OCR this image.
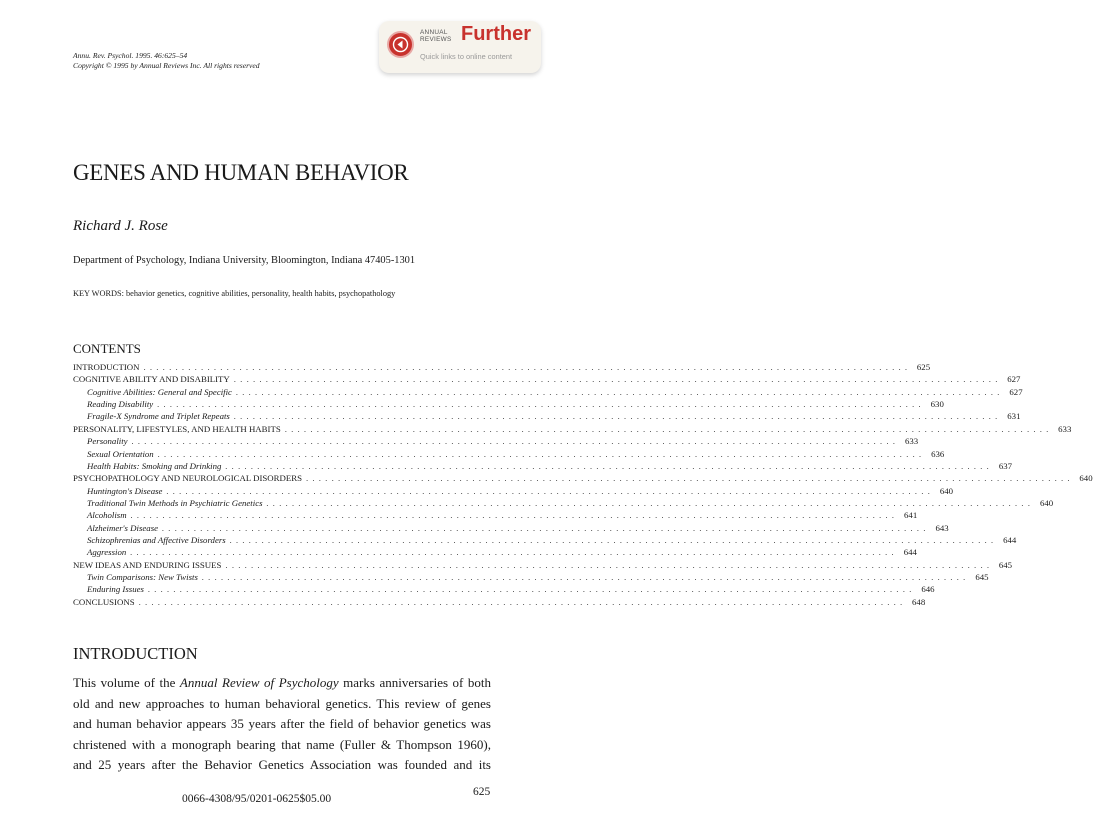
Annu. Rev. Psychol. 1995. 46:625–54
Copyright © 1995 by Annual Reviews Inc. All rights reserved
ANNUAL
REVIEWS Further
Quick links to online content
GENES AND HUMAN BEHAVIOR
Richard J. Rose
Department of Psychology, Indiana University, Bloomington, Indiana 47405-1301
KEY WORDS: behavior genetics, cognitive abilities, personality, health habits, psychopathology
CONTENTS
INTRODUCTION . . . . . . . . . . . . . . . . . . . . . . . . . . . . . . . . . . . . . . . . . . . . . . . . . . . . . . . . . . . . . . . . . . . . . . . . . . . . . . . . . . . . . . . . . . . . . . . . . . . . . . . . . . . . . . . . . . . . . . . . 625
COGNITIVE ABILITY AND DISABILITY . . . . . . . . . . . . . . . . . . . . . . . . . . . . . . . . . . . . . . . . . . . . . . . . . . . . . . . . . . . . . . . . . . . . . . . . . . . . . . . . . . . . . . . . . . . . . . . . . . . . . . . . . . . . . . . . . . . . . . . . 627
Cognitive Abilities: General and Specific . . . . . . . . . . . . . . . . . . . . . . . . . . . . . . . . . . . . . . . . . . . . . . . . . . . . . . . . . . . . . . . . . . . . . . . . . . . . . . . . . . . . . . . . . . . . . . . . . . . . . . . . . . . . . . . . . . . . . . . . 627
Reading Disability . . . . . . . . . . . . . . . . . . . . . . . . . . . . . . . . . . . . . . . . . . . . . . . . . . . . . . . . . . . . . . . . . . . . . . . . . . . . . . . . . . . . . . . . . . . . . . . . . . . . . . . . . . . . . . . . . . . . . . . . 630
Fragile-X Syndrome and Triplet Repeats . . . . . . . . . . . . . . . . . . . . . . . . . . . . . . . . . . . . . . . . . . . . . . . . . . . . . . . . . . . . . . . . . . . . . . . . . . . . . . . . . . . . . . . . . . . . . . . . . . . . . . . . . . . . . . . . . . . . . . . . 631
PERSONALITY, LIFESTYLES, AND HEALTH HABITS . . . . . . . . . . . . . . . . . . . . . . . . . . . . . . . . . . . . . . . . . . . . . . . . . . . . . . . . . . . . . . . . . . . . . . . . . . . . . . . . . . . . . . . . . . . . . . . . . . . . . . . . . . . . . . . . . . . . . . . . 633
Personality . . . . . . . . . . . . . . . . . . . . . . . . . . . . . . . . . . . . . . . . . . . . . . . . . . . . . . . . . . . . . . . . . . . . . . . . . . . . . . . . . . . . . . . . . . . . . . . . . . . . . . . . . . . . . . . . . . . . . . . . 633
Sexual Orientation . . . . . . . . . . . . . . . . . . . . . . . . . . . . . . . . . . . . . . . . . . . . . . . . . . . . . . . . . . . . . . . . . . . . . . . . . . . . . . . . . . . . . . . . . . . . . . . . . . . . . . . . . . . . . . . . . . . . . . . . 636
Health Habits: Smoking and Drinking . . . . . . . . . . . . . . . . . . . . . . . . . . . . . . . . . . . . . . . . . . . . . . . . . . . . . . . . . . . . . . . . . . . . . . . . . . . . . . . . . . . . . . . . . . . . . . . . . . . . . . . . . . . . . . . . . . . . . . . . 637
PSYCHOPATHOLOGY AND NEUROLOGICAL DISORDERS . . . . . . . . . . . . . . . . . . . . . . . . . . . . . . . . . . . . . . . . . . . . . . . . . . . . . . . . . . . . . . . . . . . . . . . . . . . . . . . . . . . . . . . . . . . . . . . . . . . . . . . . . . . . . . . . . . . . . . . . 640
Huntington's Disease . . . . . . . . . . . . . . . . . . . . . . . . . . . . . . . . . . . . . . . . . . . . . . . . . . . . . . . . . . . . . . . . . . . . . . . . . . . . . . . . . . . . . . . . . . . . . . . . . . . . . . . . . . . . . . . . . . . . . . . . 640
Traditional Twin Methods in Psychiatric Genetics . . . . . . . . . . . . . . . . . . . . . . . . . . . . . . . . . . . . . . . . . . . . . . . . . . . . . . . . . . . . . . . . . . . . . . . . . . . . . . . . . . . . . . . . . . . . . . . . . . . . . . . . . . . . . . . . . . . . . . . . 640
Alcoholism . . . . . . . . . . . . . . . . . . . . . . . . . . . . . . . . . . . . . . . . . . . . . . . . . . . . . . . . . . . . . . . . . . . . . . . . . . . . . . . . . . . . . . . . . . . . . . . . . . . . . . . . . . . . . . . . . . . . . . . . 641
Alzheimer's Disease . . . . . . . . . . . . . . . . . . . . . . . . . . . . . . . . . . . . . . . . . . . . . . . . . . . . . . . . . . . . . . . . . . . . . . . . . . . . . . . . . . . . . . . . . . . . . . . . . . . . . . . . . . . . . . . . . . . . . . . . 643
Schizophrenias and Affective Disorders . . . . . . . . . . . . . . . . . . . . . . . . . . . . . . . . . . . . . . . . . . . . . . . . . . . . . . . . . . . . . . . . . . . . . . . . . . . . . . . . . . . . . . . . . . . . . . . . . . . . . . . . . . . . . . . . . . . . . . . . 644
Aggression . . . . . . . . . . . . . . . . . . . . . . . . . . . . . . . . . . . . . . . . . . . . . . . . . . . . . . . . . . . . . . . . . . . . . . . . . . . . . . . . . . . . . . . . . . . . . . . . . . . . . . . . . . . . . . . . . . . . . . . . 644
NEW IDEAS AND ENDURING ISSUES . . . . . . . . . . . . . . . . . . . . . . . . . . . . . . . . . . . . . . . . . . . . . . . . . . . . . . . . . . . . . . . . . . . . . . . . . . . . . . . . . . . . . . . . . . . . . . . . . . . . . . . . . . . . . . . . . . . . . . . . 645
Twin Comparisons: New Twists . . . . . . . . . . . . . . . . . . . . . . . . . . . . . . . . . . . . . . . . . . . . . . . . . . . . . . . . . . . . . . . . . . . . . . . . . . . . . . . . . . . . . . . . . . . . . . . . . . . . . . . . . . . . . . . . . . . . . . . . 645
Enduring Issues . . . . . . . . . . . . . . . . . . . . . . . . . . . . . . . . . . . . . . . . . . . . . . . . . . . . . . . . . . . . . . . . . . . . . . . . . . . . . . . . . . . . . . . . . . . . . . . . . . . . . . . . . . . . . . . . . . . . . . . . 646
CONCLUSIONS . . . . . . . . . . . . . . . . . . . . . . . . . . . . . . . . . . . . . . . . . . . . . . . . . . . . . . . . . . . . . . . . . . . . . . . . . . . . . . . . . . . . . . . . . . . . . . . . . . . . . . . . . . . . . . . . . . . . . . . . 648
INTRODUCTION
This volume of the Annual Review of Psychology marks anniversaries of both
old and new approaches to human behavioral genetics. This review of genes
and human behavior appears 35 years after the field of behavior genetics was
christened with a monograph bearing that name (Fuller & Thompson 1960),
and 25 years after the Behavior Genetics Association was founded and its
0066-4308/95/0201-0625$05.00
625
